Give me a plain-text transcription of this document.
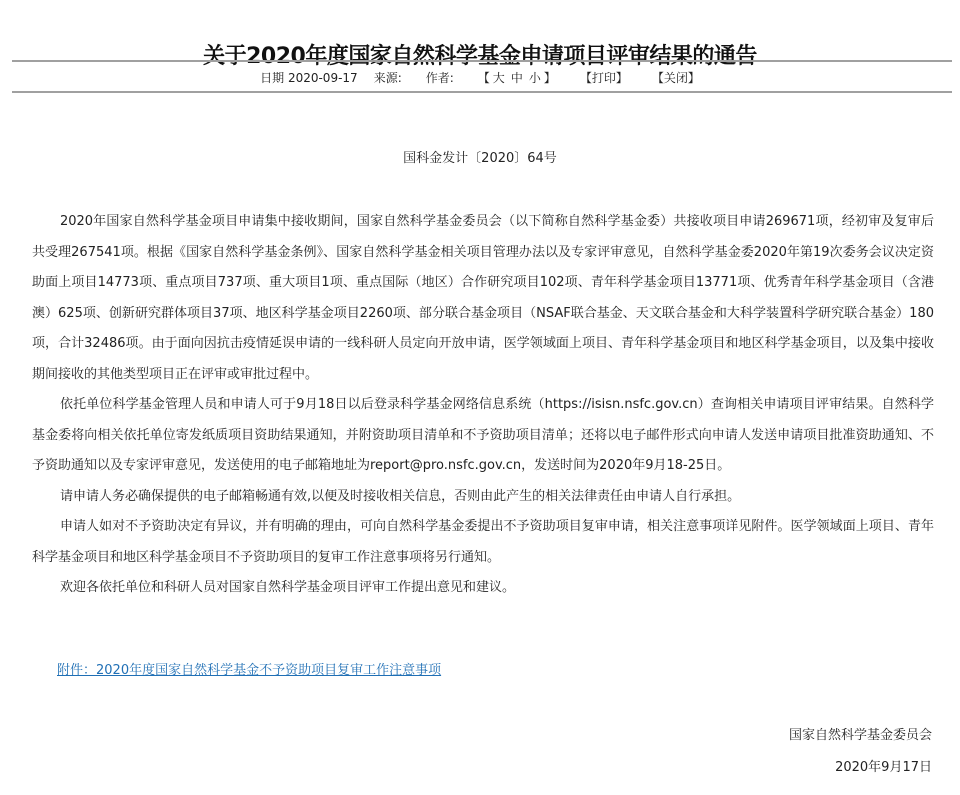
关于2020年度国家自然科学基金申请项目评审结果的通告
日期 2020-09-17 来源: 作者: 【 大 中 小 】 【打印】 【关闭】
国科金发计〔2020〕64号

2020年国家自然科学基金项目申请集中接收期间，国家自然科学基金委员会（以下简称自然科学基金委）共接收项目申请269671项，经初审及复审后共受理267541项。根据《国家自然科学基金条例》、国家自然科学基金相关项目管理办法以及专家评审意见，自然科学基金委2020年第19次委务会议决定资助面上项目14773项、重点项目737项、重大项目1项、重点国际（地区）合作研究项目102项、青年科学基金项目13771项、优秀青年科学基金项目（含港澳）625项、创新研究群体项目37项、地区科学基金项目2260项、部分联合基金项目（NSAF联合基金、天文联合基金和大科学装置科学研究联合基金）180项，合计32486项。由于面向因抗击疫情延误申请的一线科研人员定向开放申请，医学领域面上项目、青年科学基金项目和地区科学基金项目，以及集中接收期间接收的其他类型项目正在评审或审批过程中。

依托单位科学基金管理人员和申请人可于9月18日以后登录科学基金网络信息系统（https://isisn.nsfc.gov.cn）查询相关申请项目评审结果。自然科学基金委将向相关依托单位寄发纸质项目资助结果通知，并附资助项目清单和不予资助项目清单；还将以电子邮件形式向申请人发送申请项目批准资助通知、不予资助通知以及专家评审意见，发送使用的电子邮箱地址为report@pro.nsfc.gov.cn，发送时间为2020年9月18-25日。

请申请人务必确保提供的电子邮箱畅通有效,以便及时接收相关信息，否则由此产生的相关法律责任由申请人自行承担。

申请人如对不予资助决定有异议，并有明确的理由，可向自然科学基金委提出不予资助项目复审申请，相关注意事项详见附件。医学领域面上项目、青年科学基金项目和地区科学基金项目不予资助项目的复审工作注意事项将另行通知。

欢迎各依托单位和科研人员对国家自然科学基金项目评审工作提出意见和建议。

附件：2020年度国家自然科学基金不予资助项目复审工作注意事项
国家自然科学基金委员会
2020年9月17日
